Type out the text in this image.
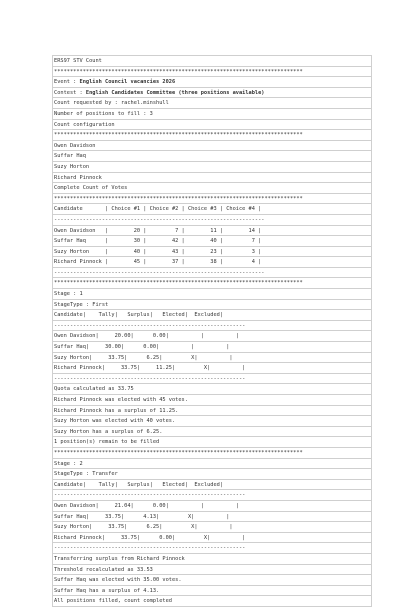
ERS97 STV Count
******************************************************************************
Event : English Council vacancies 2026
Contest : English Candidates Committee (three positions available)
Count requested by : rachel.minshull
Number of positions to fill : 3
Count configuration
******************************************************************************
Owen Davidson
Suffar Haq
Suzy Horton
Richard Pinnock
Complete Count of Votes
******************************************************************************
Candidate       | Choice #1 | Choice #2 | Choice #3 | Choice #4 |
------------------------------------------------------------------
Owen Davidson   |        20 |         7 |        11 |        14 |
Suffar Haq      |        30 |        42 |        40 |         7 |
Suzy Horton     |        40 |        43 |        23 |         3 |
Richard Pinnock |        45 |        37 |        38 |         4 |
------------------------------------------------------------------
******************************************************************************
Stage : 1
StageType : First
Candidate|    Tally|   Surplus|   Elected|  Excluded|
------------------------------------------------------------
Owen Davidson|     20.00|      0.00|          |          |
Suffar Haq|     30.00|      0.00|          |          |
Suzy Horton|     33.75|      6.25|         X|          |
Richard Pinnock|     33.75|     11.25|         X|          |
------------------------------------------------------------
Quota calculated as 33.75
Richard Pinnock was elected with 45 votes.
Richard Pinnock has a surplus of 11.25.
Suzy Horton was elected with 40 votes.
Suzy Horton has a surplus of 6.25.
1 position(s) remain to be filled
******************************************************************************
Stage : 2
StageType : Transfer
Candidate|    Tally|   Surplus|   Elected|  Excluded|
------------------------------------------------------------
Owen Davidson|     21.04|      0.00|          |          |
Suffar Haq|     33.75|      4.13|         X|          |
Suzy Horton|     33.75|      6.25|         X|          |
Richard Pinnock|     33.75|      0.00|         X|          |
------------------------------------------------------------
Transferring surplus from Richard Pinnock
Threshold recalculated as 33.53
Suffar Haq was elected with 35.00 votes.
Suffar Haq has a surplus of 4.13.
All positions filled, count completed
